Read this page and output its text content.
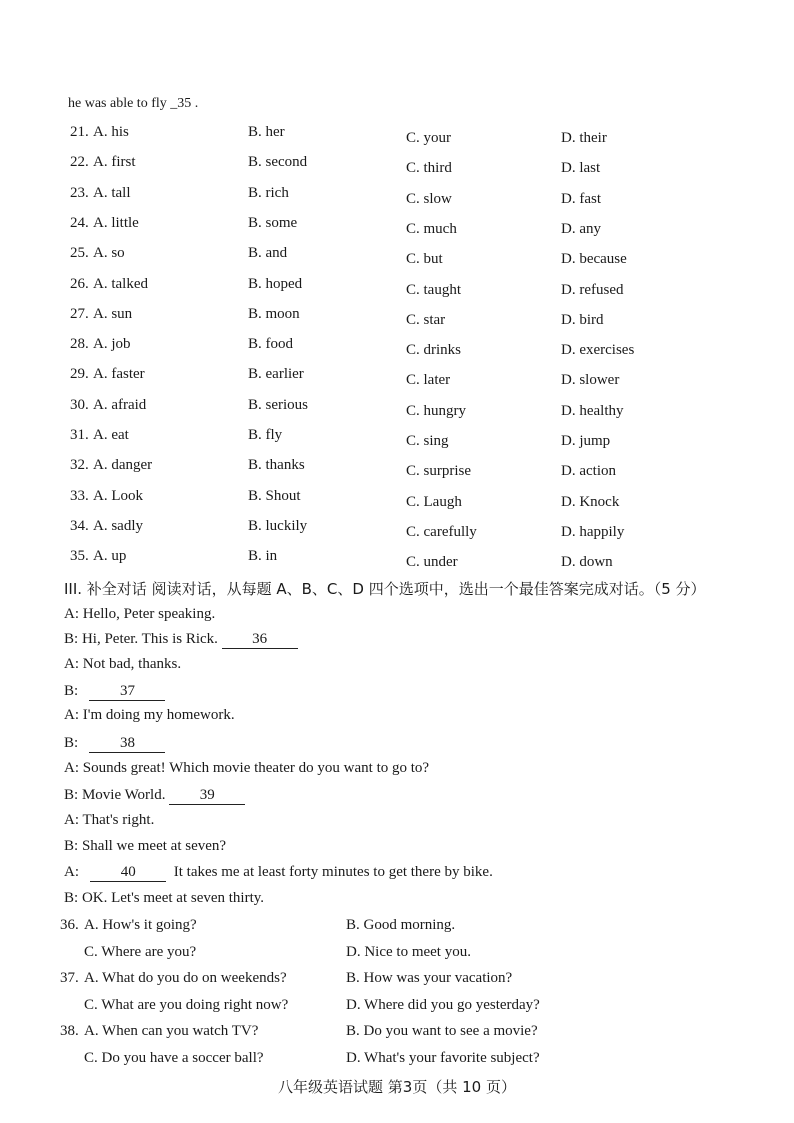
he was able to fly _35 .
21. A. his	B. her	C. your	D. their
22. A. first	B. second	C. third	D. last
23. A. tall	B. rich	C. slow	D. fast
24. A. little	B. some	C. much	D. any
25. A. so	B. and	C. but	D. because
26. A. talked	B. hoped	C. taught	D. refused
27. A. sun	B. moon	C. star	D. bird
28. A. job	B. food	C. drinks	D. exercises
29. A. faster	B. earlier	C. later	D. slower
30. A. afraid	B. serious	C. hungry	D. healthy
31. A. eat	B. fly	C. sing	D. jump
32. A. danger	B. thanks	C. surprise	D. action
33. A. Look	B. Shout	C. Laugh	D. Knock
34. A. sadly	B. luckily	C. carefully	D. happily
35. A. up	B. in	C. under	D. down
III. 补全对话 阅读对话，从每题 A、B、C、D 四个选项中，选出一个最佳答案完成对话。（5 分）
A: Hello, Peter speaking.
B: Hi, Peter. This is Rick. 36
A: Not bad, thanks.
B:	37
A: I'm doing my homework.
B:	38
A: Sounds great! Which movie theater do you want to go to?
B: Movie World. 39
A: That's right.
B: Shall we meet at seven?
A:	40	It takes me at least forty minutes to get there by bike.
B: OK. Let's meet at seven thirty.
36. A. How's it going?	B. Good morning.
C. Where are you?	D. Nice to meet you.
37. A. What do you do on weekends?	B. How was your vacation?
C. What are you doing right now?	D. Where did you go yesterday?
38. A. When can you watch TV?	B. Do you want to see a movie?
C. Do you have a soccer ball?	D. What's your favorite subject?
八年级英语试题 第3页（共 10 页）
